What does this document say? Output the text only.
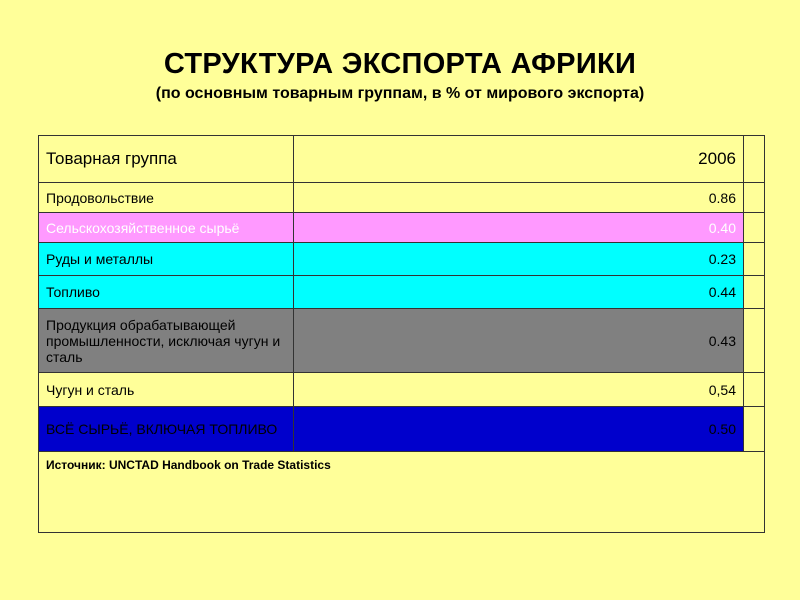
СТРУКТУРА ЭКСПОРТА АФРИКИ
(по основным товарным группам, в % от мирового экспорта)
Товарная группа	2006	
Продовольствие	0.86	
Сельскохозяйственное сырьё	0.40	
Руды и металлы	0.23	
Топливо	0.44	
Продукция обрабатывающей промышленности, исключая чугун и сталь	0.43	
Чугун и сталь	0,54	
ВСЁ СЫРЬЁ, ВКЛЮЧАЯ ТОПЛИВО	0.50	
Источник: UNCTAD Handbook on Trade Statistics		
